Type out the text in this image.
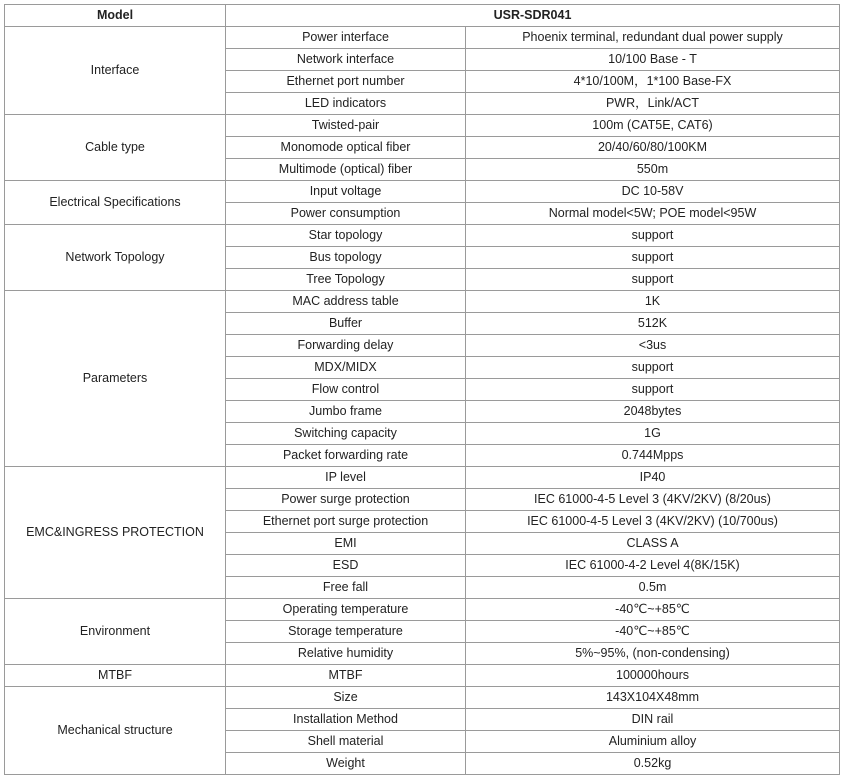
Model	USR-SDR041	
Interface	Power interface	Phoenix terminal, redundant dual power supply
	Network interface	10/100 Base - T
	Ethernet port number	4*10/100M，1*100 Base-FX
	LED indicators	PWR，Link/ACT
Cable type	Twisted-pair	100m (CAT5E, CAT6)
	Monomode optical fiber	20/40/60/80/100KM
	Multimode (optical) fiber	550m
Electrical Specifications	Input voltage	DC 10-58V
	Power consumption	Normal model<5W; POE model<95W
Network Topology	Star topology	support
	Bus topology	support
	Tree Topology	support
Parameters	MAC address table	1K
	Buffer	512K
	Forwarding delay	<3us
	MDX/MIDX	support
	Flow control	support
	Jumbo frame	2048bytes
	Switching capacity	1G
	Packet forwarding rate	0.744Mpps
EMC&INGRESS PROTECTION	IP level	IP40
	Power surge protection	IEC 61000-4-5 Level 3 (4KV/2KV) (8/20us)
	Ethernet port surge protection	IEC 61000-4-5 Level 3 (4KV/2KV) (10/700us)
	EMI	CLASS A
	ESD	IEC 61000-4-2 Level 4(8K/15K)
	Free fall	0.5m
Environment	Operating temperature	-40℃~+85℃
	Storage temperature	-40℃~+85℃
	Relative humidity	5%~95%, (non-condensing)
MTBF	MTBF	100000hours
Mechanical structure	Size	143X104X48mm
	Installation Method	DIN rail
	Shell material	Aluminium alloy
	Weight	0.52kg
